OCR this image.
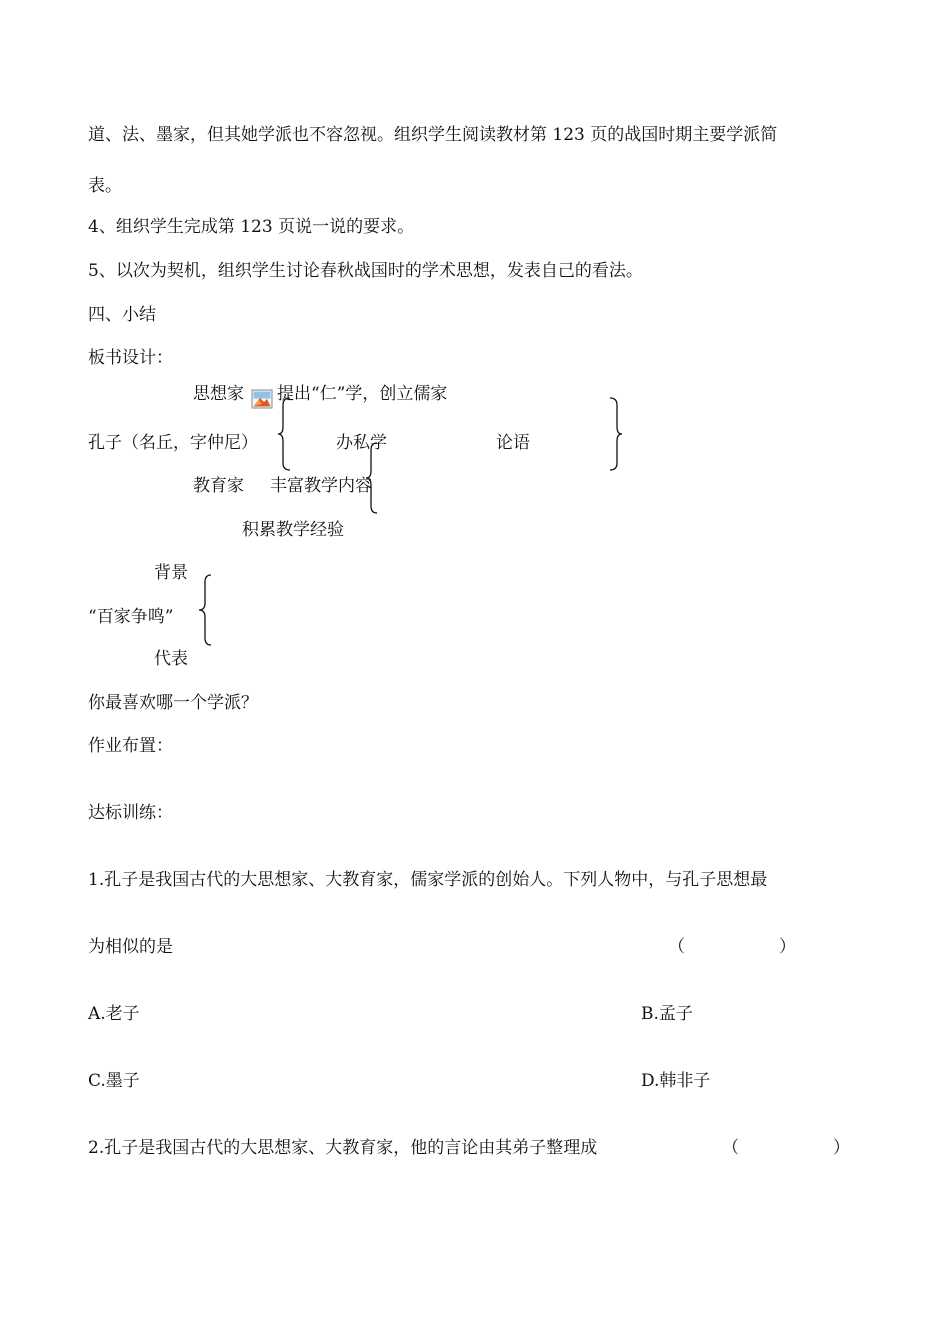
道、法、墨家，但其她学派也不容忽视。组织学生阅读教材第 123 页的战国时期主要学派简
表。
4、组织学生完成第 123 页说一说的要求。
5、以次为契机，组织学生讨论春秋战国时的学术思想，发表自己的看法。
四、小结
板书设计：
思想家 提出“仁”学，创立儒家
孔子（名丘，字仲尼）	办私学	论语
教育家 丰富教学内容
积累教学经验
背景
“百家争鸣”
代表
你最喜欢哪一个学派？
作业布置：
达标训练：
1.孔子是我国古代的大思想家、大教育家，儒家学派的创始人。下列人物中，与孔子思想最
为相似的是	（	）
A.老子	B.孟子
C.墨子	D.韩非子
2.孔子是我国古代的大思想家、大教育家，他的言论由其弟子整理成	（	）
